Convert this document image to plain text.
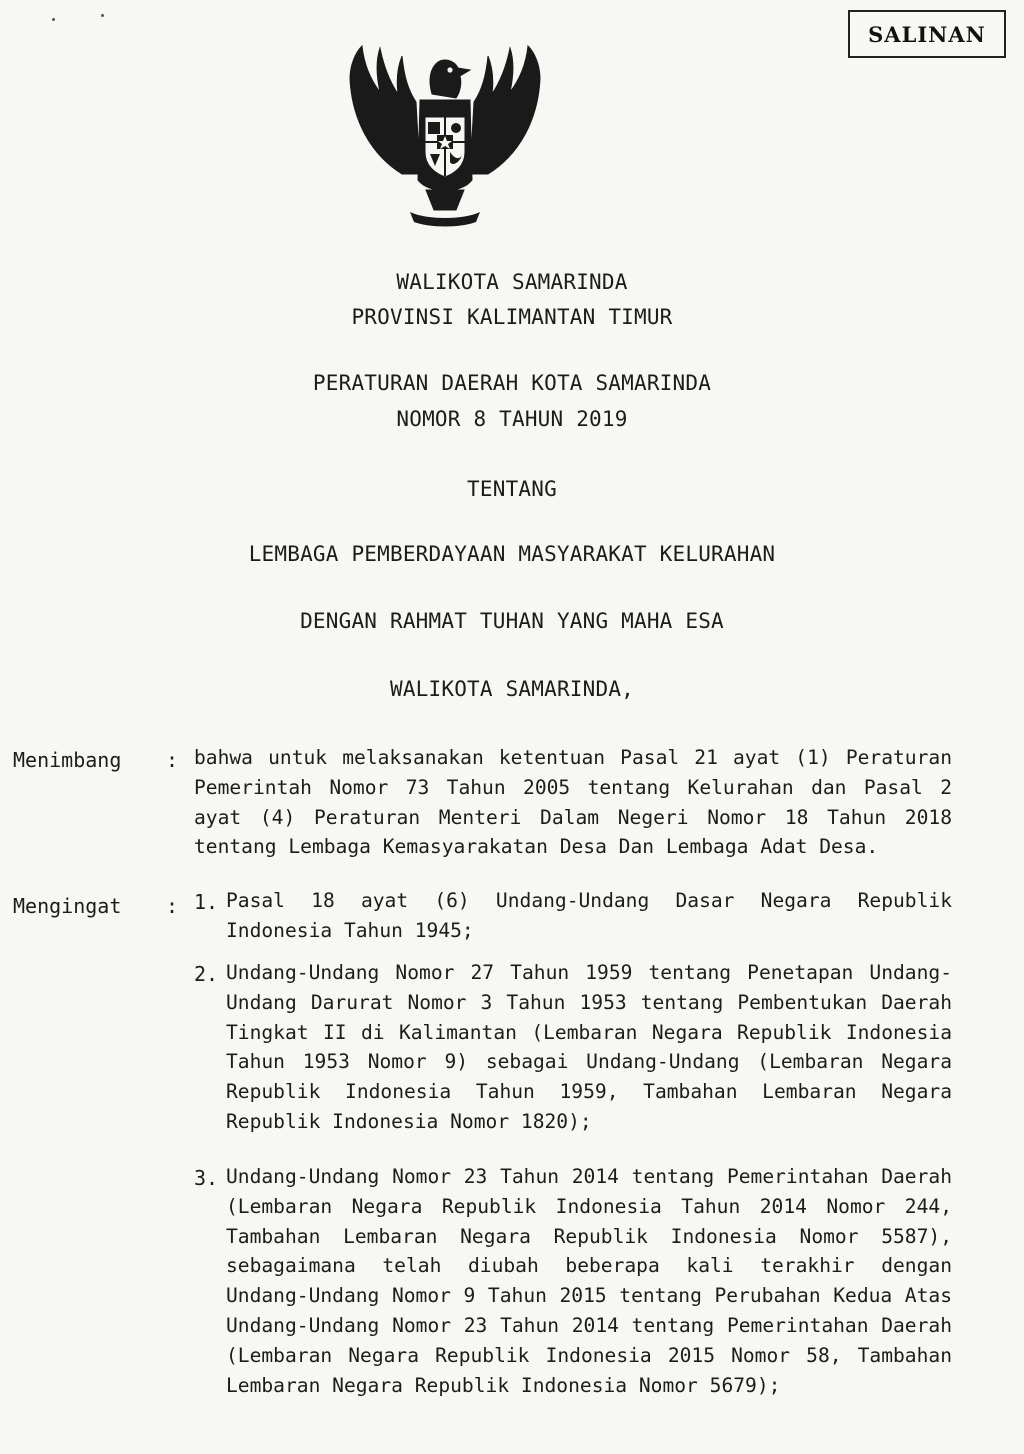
SALINAN
WALIKOTA SAMARINDA
PROVINSI KALIMANTAN TIMUR
PERATURAN DAERAH KOTA SAMARINDA
NOMOR 8 TAHUN 2019
TENTANG
LEMBAGA PEMBERDAYAAN MASYARAKAT KELURAHAN
DENGAN RAHMAT TUHAN YANG MAHA ESA
WALIKOTA SAMARINDA,
Menimbang : bahwa untuk melaksanakan ketentuan Pasal 21 ayat (1) Peraturan Pemerintah Nomor 73 Tahun 2005 tentang Kelurahan dan Pasal 2 ayat (4) Peraturan Menteri Dalam Negeri Nomor 18 Tahun 2018 tentang Lembaga Kemasyarakatan Desa Dan Lembaga Adat Desa.
Mengingat : 1. Pasal 18 ayat (6) Undang-Undang Dasar Negara Republik Indonesia Tahun 1945;
2. Undang-Undang Nomor 27 Tahun 1959 tentang Penetapan Undang-Undang Darurat Nomor 3 Tahun 1953 tentang Pembentukan Daerah Tingkat II di Kalimantan (Lembaran Negara Republik Indonesia Tahun 1953 Nomor 9) sebagai Undang-Undang (Lembaran Negara Republik Indonesia Tahun 1959, Tambahan Lembaran Negara Republik Indonesia Nomor 1820);
3. Undang-Undang Nomor 23 Tahun 2014 tentang Pemerintahan Daerah (Lembaran Negara Republik Indonesia Tahun 2014 Nomor 244, Tambahan Lembaran Negara Republik Indonesia Nomor 5587), sebagaimana telah diubah beberapa kali terakhir dengan Undang-Undang Nomor 9 Tahun 2015 tentang Perubahan Kedua Atas Undang-Undang Nomor 23 Tahun 2014 tentang Pemerintahan Daerah (Lembaran Negara Republik Indonesia 2015 Nomor 58, Tambahan Lembaran Negara Republik Indonesia Nomor 5679);
